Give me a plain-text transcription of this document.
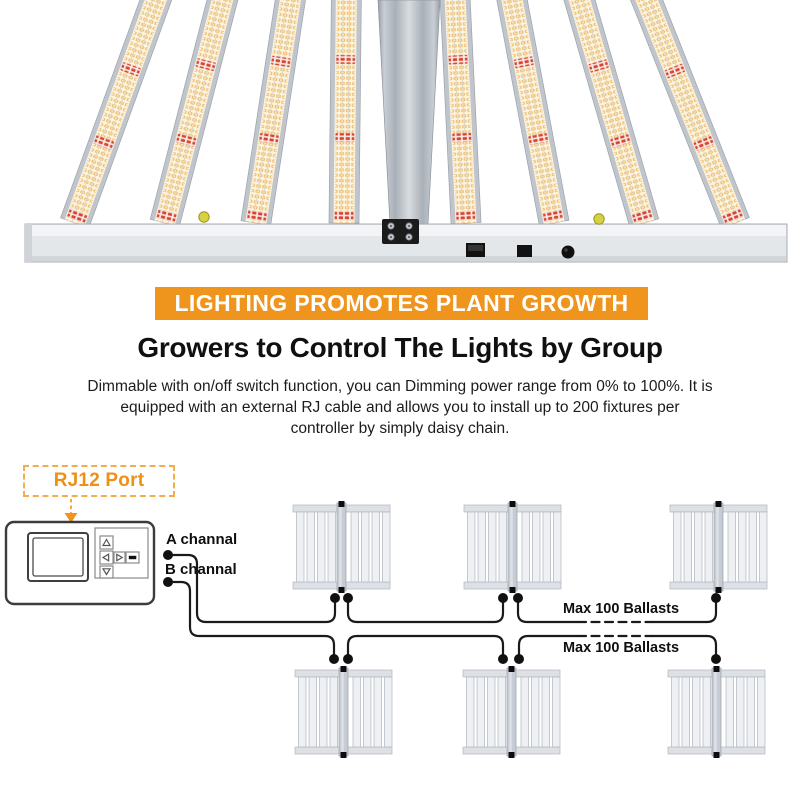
LIGHTING PROMOTES PLANT GROWTH
Growers to Control The Lights by Group
Dimmable with on/off switch function, you can Dimming power range from 0% to 100%. It is
equipped with an external RJ cable and allows you to install up to 200 fixtures per
controller by simply daisy chain.
RJ12 Port
A channal
B channal
Max 100 Ballasts
Max 100 Ballasts
